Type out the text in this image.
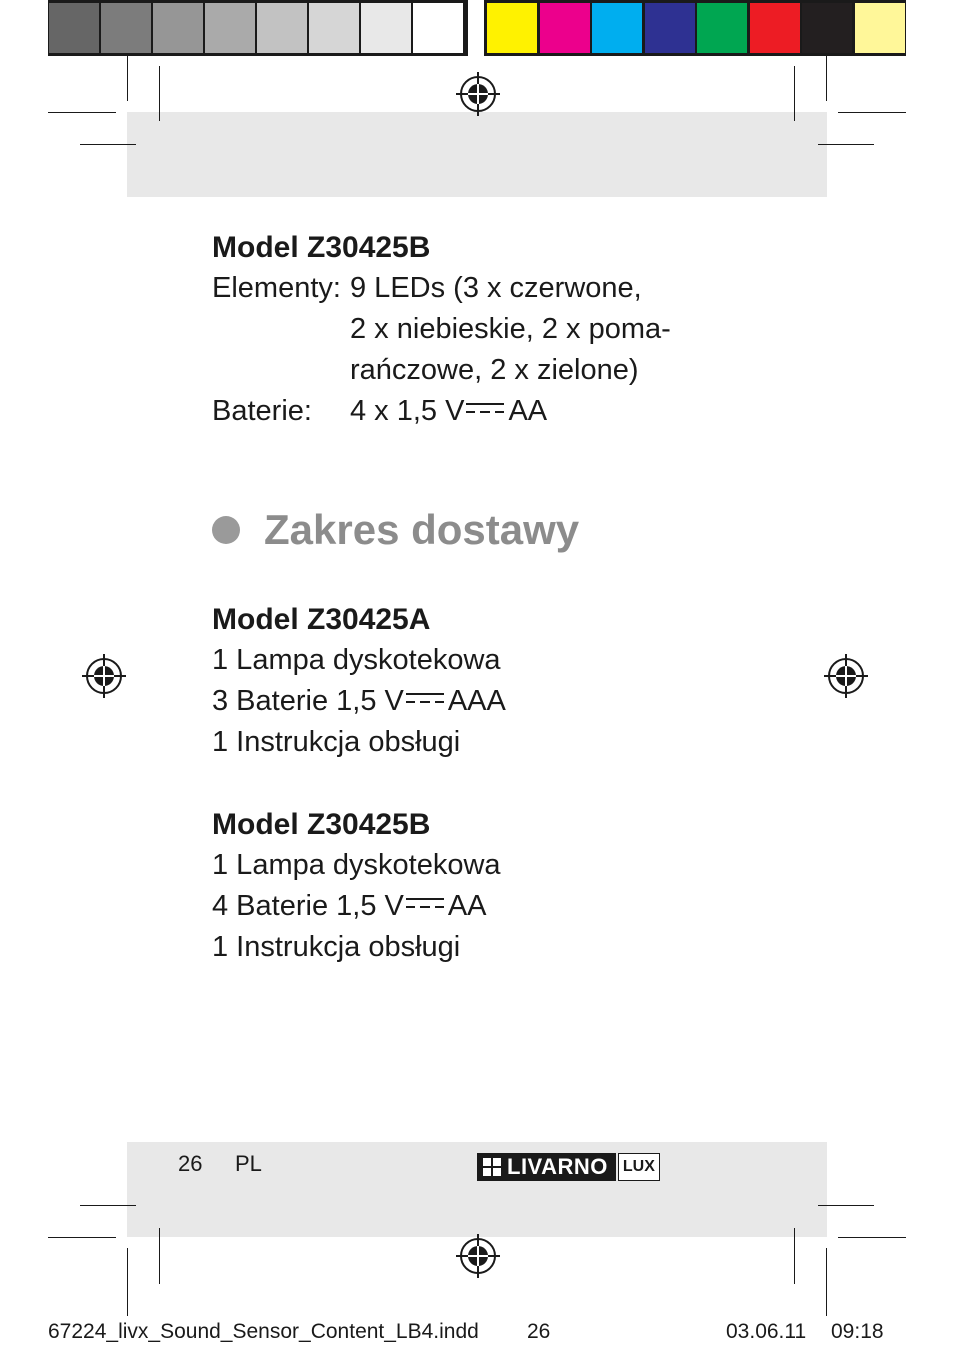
Model Z30425B
Elementy: 9 LEDs (3 x czerwone,
2 x niebieskie, 2 x poma-
rańczowe, 2 x zielone)
Baterie:	4 x 1,5 V AA
Zakres dostawy
Model Z30425A
1 Lampa dyskotekowa
3 Baterie 1,5 V AAA
1 Instrukcja obsługi
Model Z30425B
1 Lampa dyskotekowa
4 Baterie 1,5 V AA
1 Instrukcja obsługi
26 PL	LIVARNO LUX
67224_livx_Sound_Sensor_Content_LB4.indd 26	03.06.11 09:18
